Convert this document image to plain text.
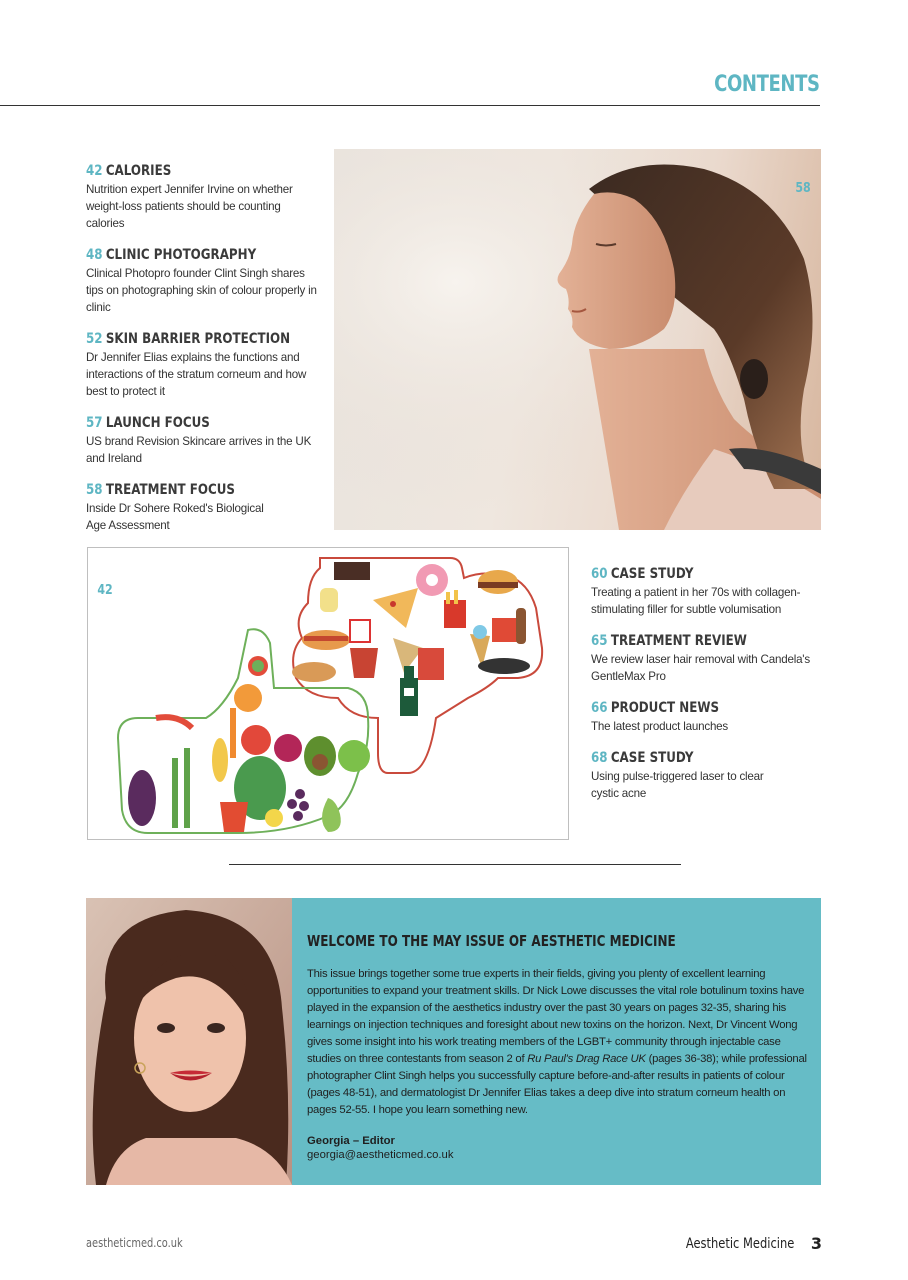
CONTENTS
42 CALORIES
Nutrition expert Jennifer Irvine on whether weight-loss patients should be counting calories
48 CLINIC PHOTOGRAPHY
Clinical Photopro founder Clint Singh shares tips on photographing skin of colour properly in clinic
52 SKIN BARRIER PROTECTION
Dr Jennifer Elias explains the functions and interactions of the stratum corneum and how best to protect it
57 LAUNCH FOCUS
US brand Revision Skincare arrives in the UK and Ireland
58 TREATMENT FOCUS
Inside Dr Sohere Roked's Biological Age Assessment
58
42
60 CASE STUDY
Treating a patient in her 70s with collagen-stimulating filler for subtle volumisation
65 TREATMENT REVIEW
We review laser hair removal with Candela's GentleMax Pro
66 PRODUCT NEWS
The latest product launches
68 CASE STUDY
Using pulse-triggered laser to clear cystic acne
WELCOME TO THE MAY ISSUE OF AESTHETIC MEDICINE

This issue brings together some true experts in their fields, giving you plenty of excellent learning opportunities to expand your treatment skills. Dr Nick Lowe discusses the vital role botulinum toxins have played in the expansion of the aesthetics industry over the past 30 years on pages 32-35, sharing his learnings on injection techniques and foresight about new toxins on the horizon. Next, Dr Vincent Wong gives some insight into his work treating members of the LGBT+ community through injectable case studies on three contestants from season 2 of Ru Paul's Drag Race UK (pages 36-38); while professional photographer Clint Singh helps you successfully capture before-and-after results in patients of colour (pages 48-51), and dermatologist Dr Jennifer Elias takes a deep dive into stratum corneum health on pages 52-55. I hope you learn something new.

Georgia – Editor
georgia@aestheticmed.co.uk
aestheticmed.co.uk	Aesthetic Medicine 3
